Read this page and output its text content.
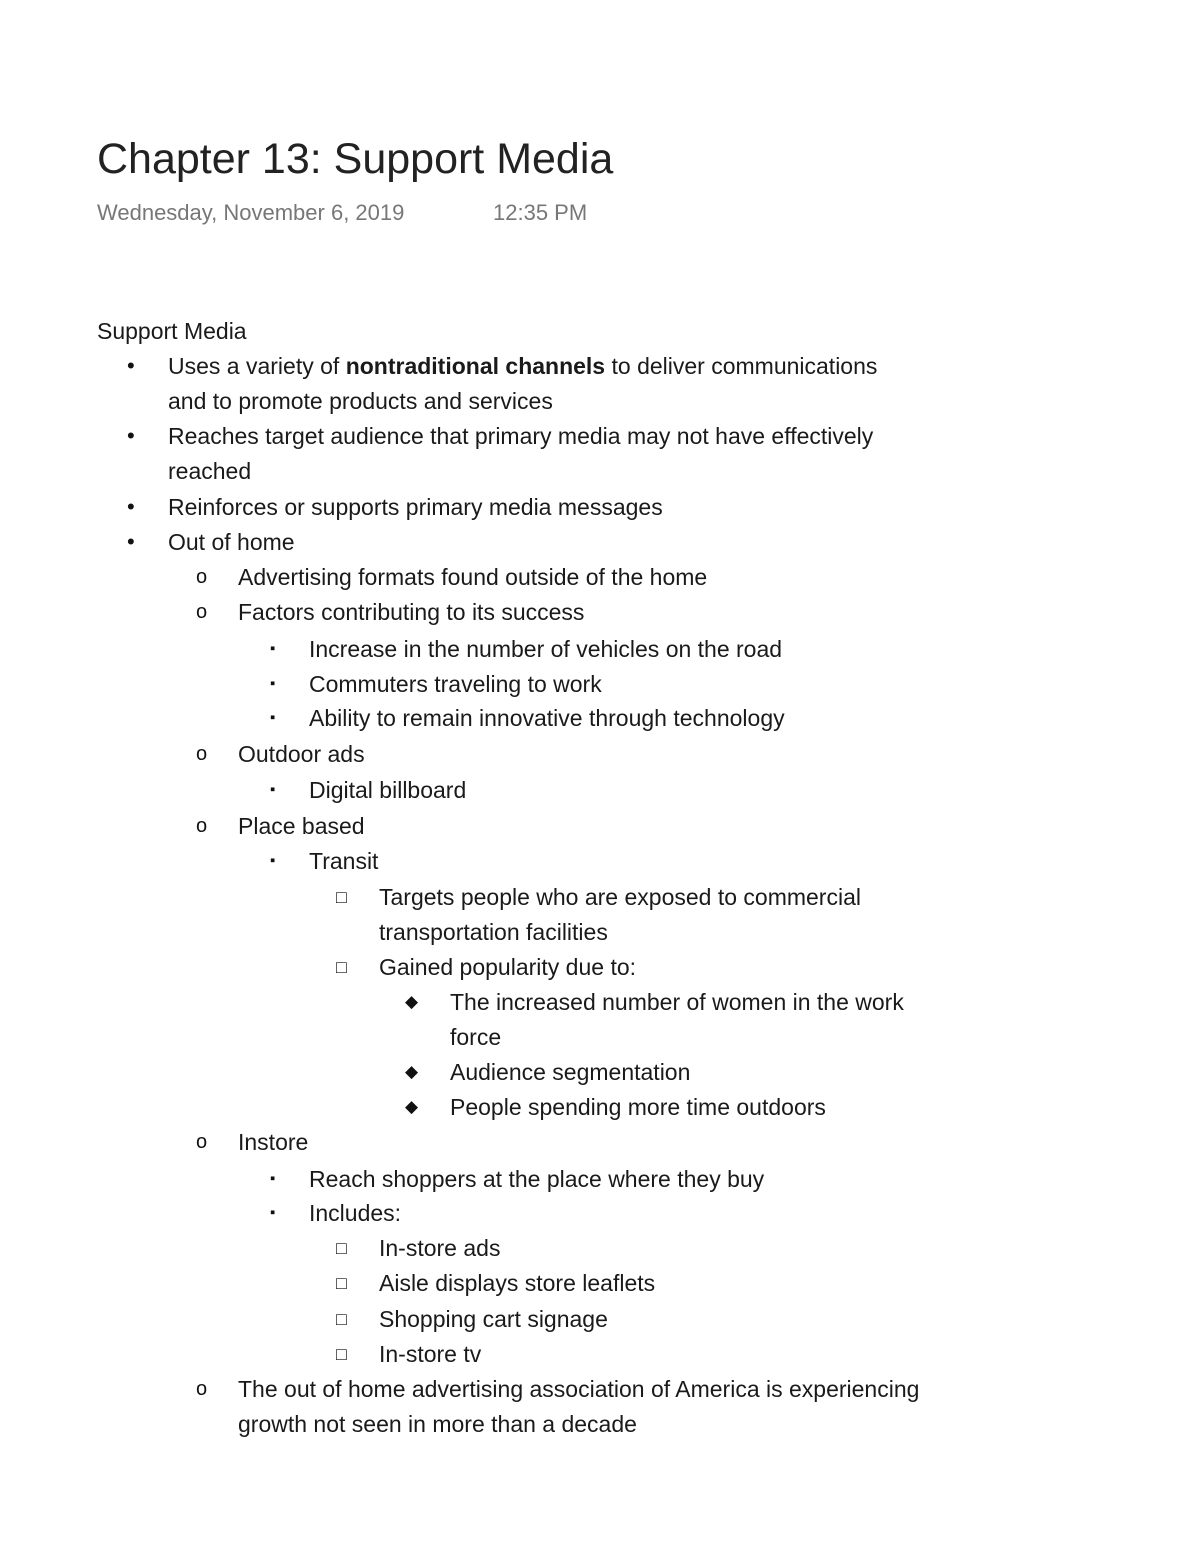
Chapter 13: Support Media
Wednesday, November 6, 2019	12:35 PM
Support Media
• Uses a variety of nontraditional channels to deliver communications
and to promote products and services
• Reaches target audience that primary media may not have effectively
reached
• Reinforces or supports primary media messages
• Out of home
o Advertising formats found outside of the home
o Factors contributing to its success
▪ Increase in the number of vehicles on the road
▪ Commuters traveling to work
▪ Ability to remain innovative through technology
o Outdoor ads
▪ Digital billboard
o Place based
▪ Transit
□ Targets people who are exposed to commercial
transportation facilities
□ Gained popularity due to:
◆ The increased number of women in the work
force
◆ Audience segmentation
◆ People spending more time outdoors
o Instore
▪ Reach shoppers at the place where they buy
▪ Includes:
□ In-store ads
□ Aisle displays store leaflets
□ Shopping cart signage
□ In-store tv
o The out of home advertising association of America is experiencing
growth not seen in more than a decade
